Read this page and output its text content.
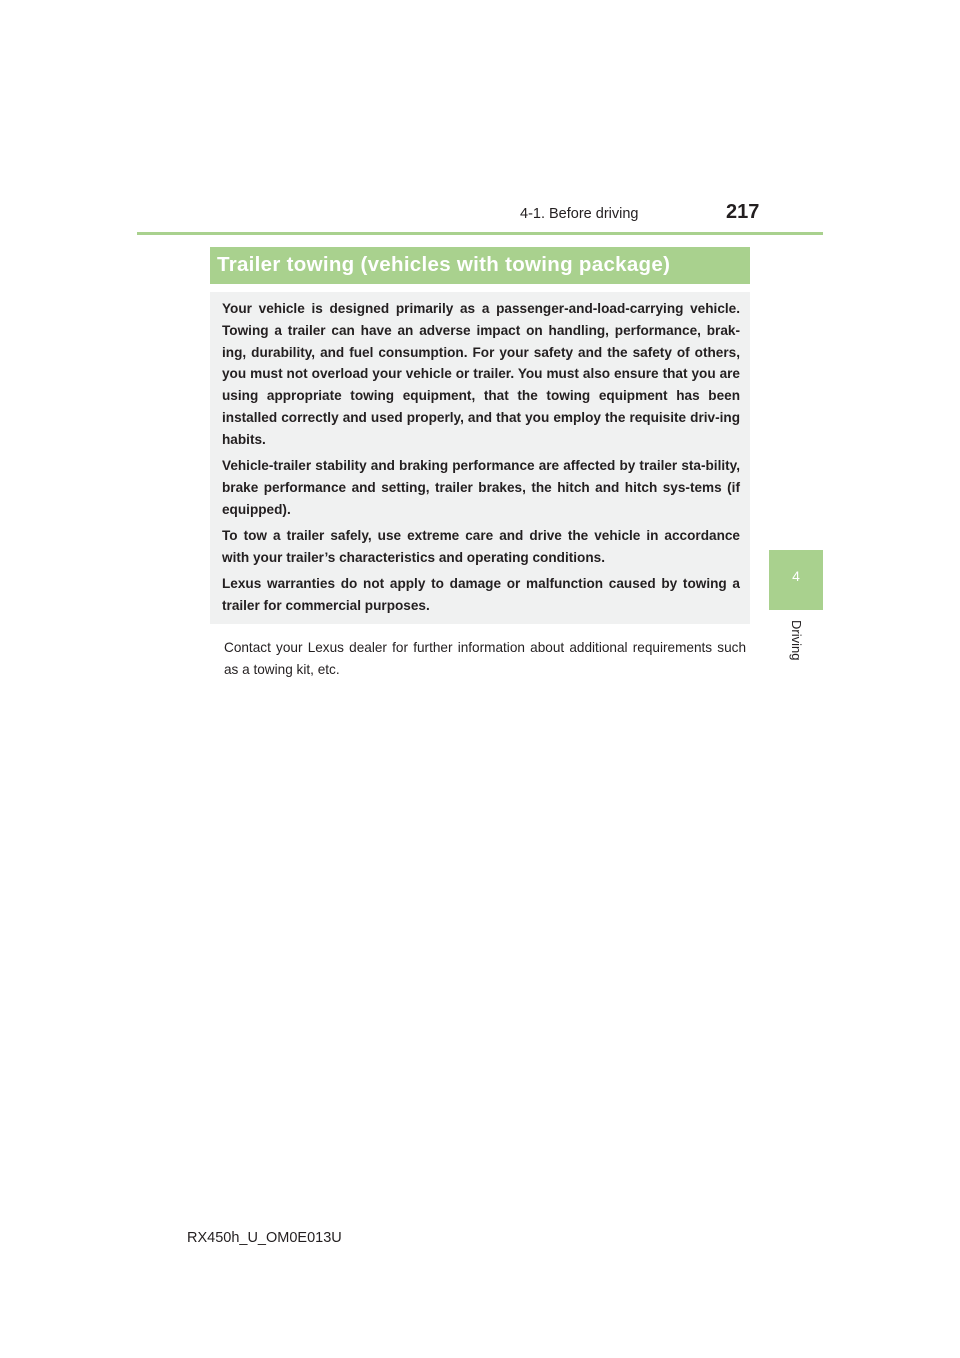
4-1. Before driving	217
4
Driving
Trailer towing (vehicles with towing package)

Your vehicle is designed primarily as a passenger-and-load-carrying vehicle. Towing a trailer can have an adverse impact on handling, performance, brak-ing, durability, and fuel consumption. For your safety and the safety of others, you must not overload your vehicle or trailer. You must also ensure that you are using appropriate towing equipment, that the towing equipment has been installed correctly and used properly, and that you employ the requisite driv-ing habits.

Vehicle-trailer stability and braking performance are affected by trailer sta-bility, brake performance and setting, trailer brakes, the hitch and hitch sys-tems (if equipped).

To tow a trailer safely, use extreme care and drive the vehicle in accordance with your trailer’s characteristics and operating conditions.

Lexus warranties do not apply to damage or malfunction caused by towing a trailer for commercial purposes.

Contact your Lexus dealer for further information about additional requirements such as a towing kit, etc.

RX450h_U_OM0E013U
